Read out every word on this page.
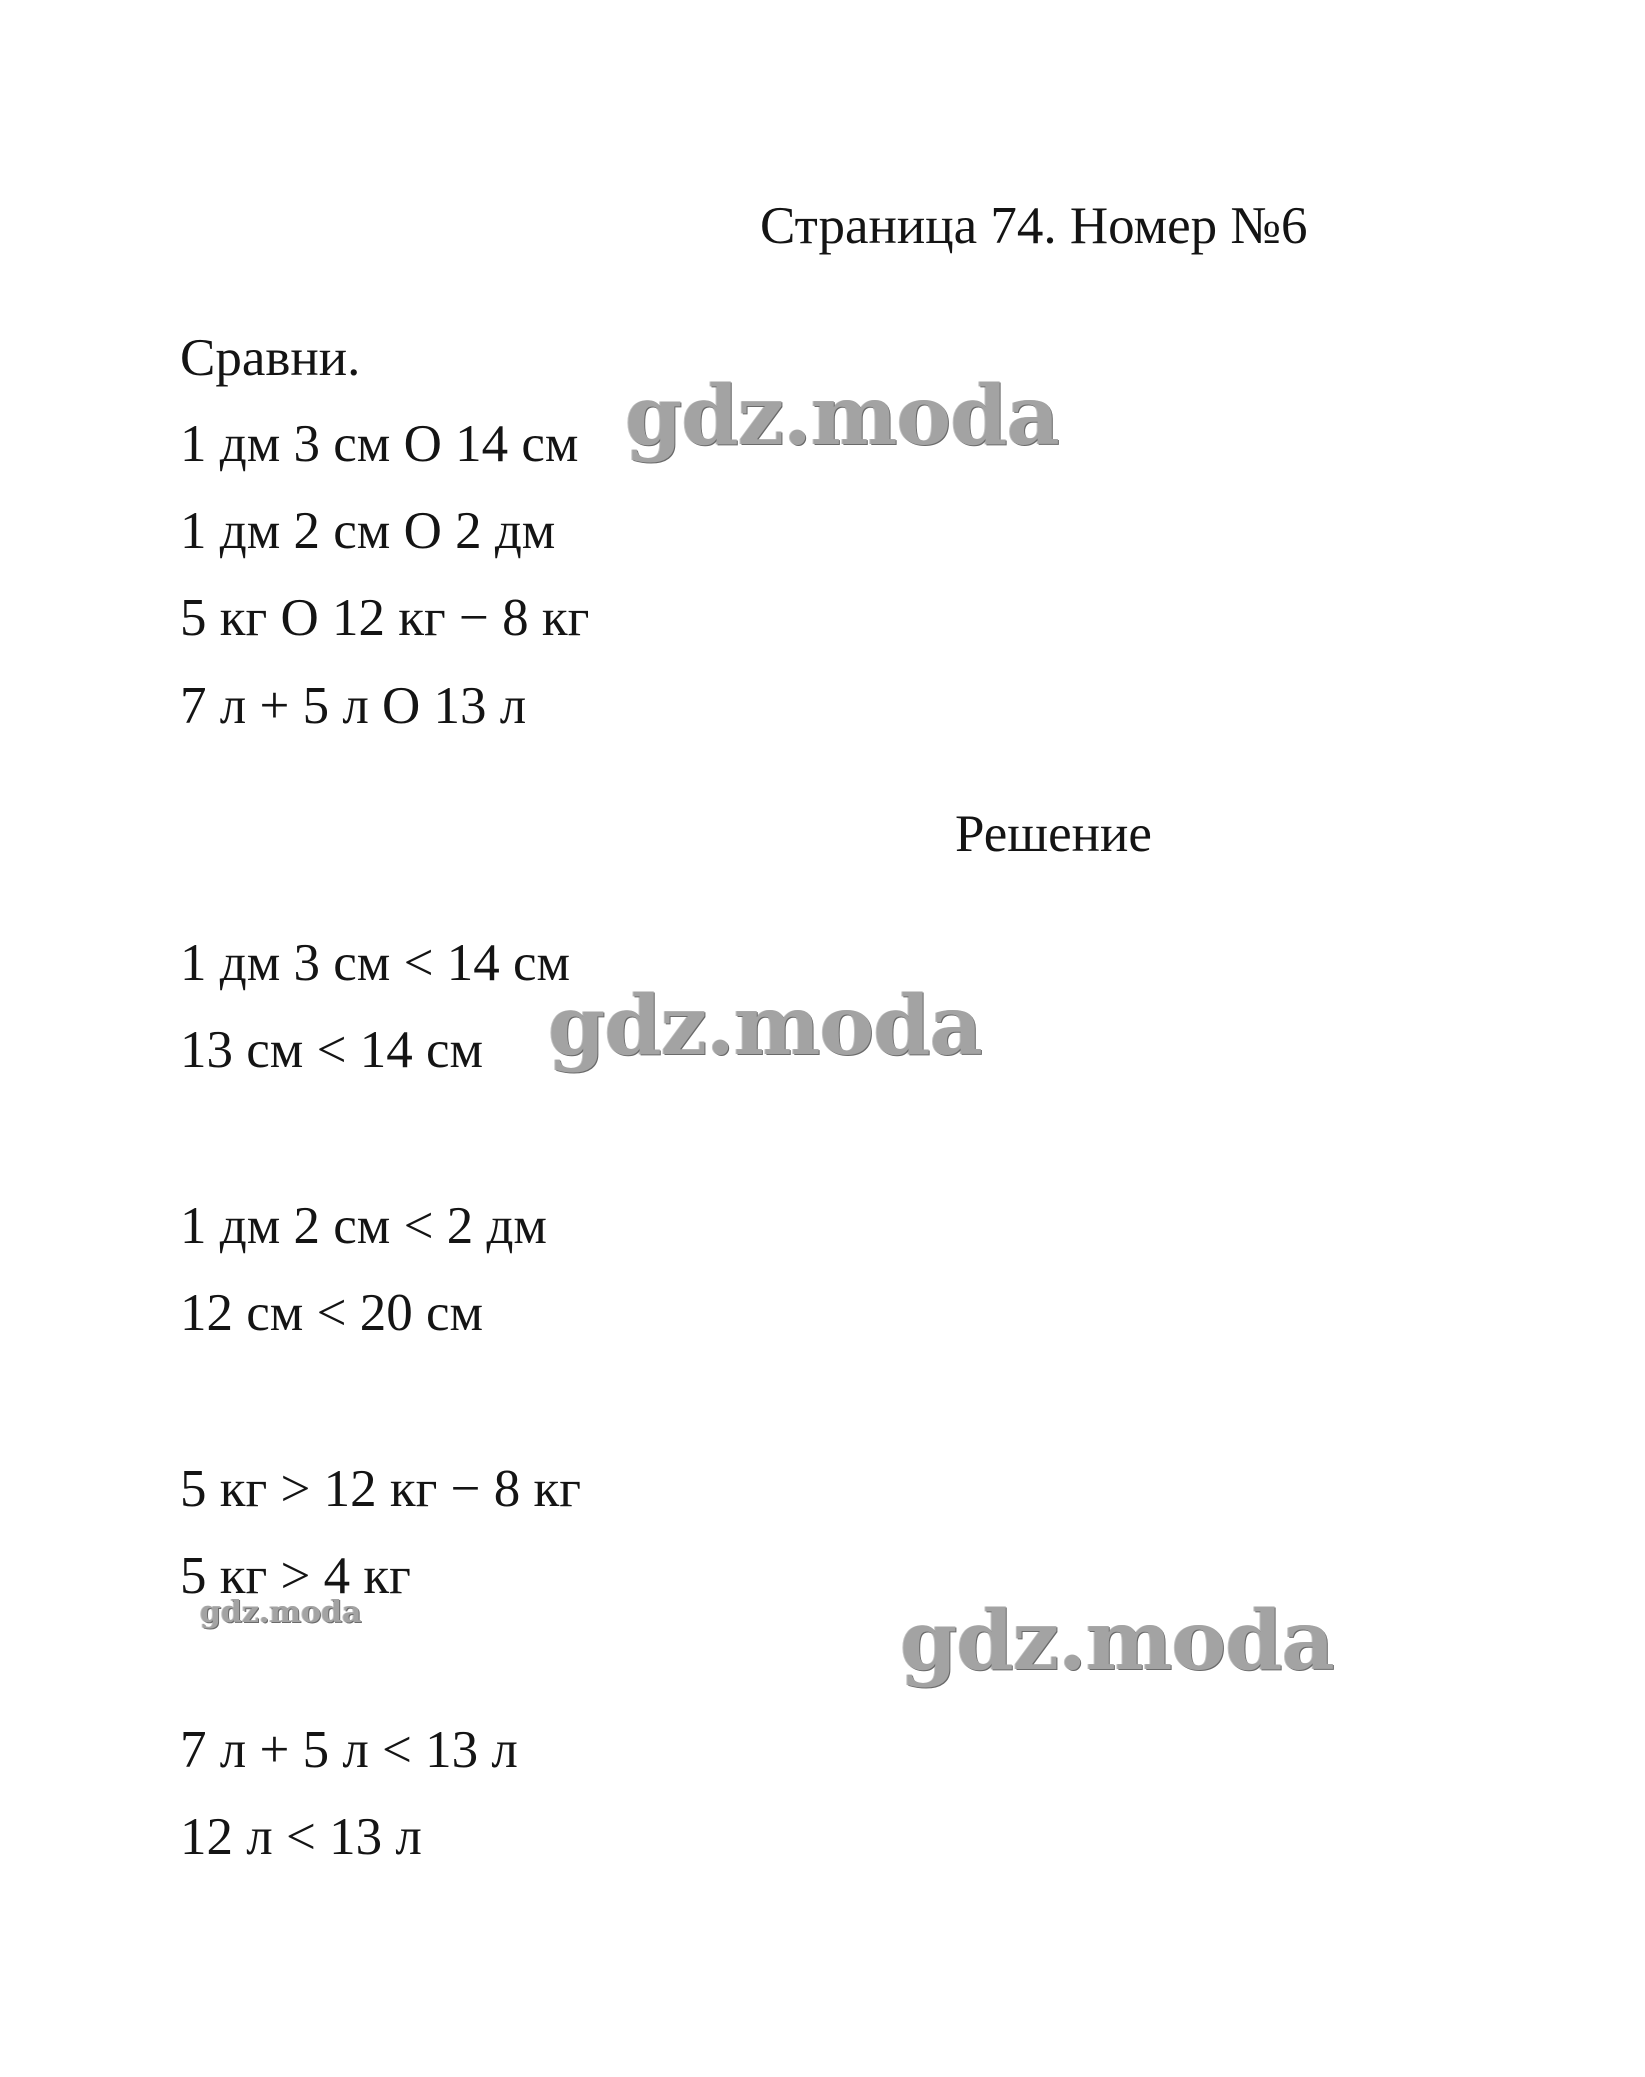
Страница 74. Номер №6
Сравни.
1 дм 3 см О 14 см
1 дм 2 см О 2 дм
5 кг О 12 кг − 8 кг
7 л + 5 л О 13 л
Решение
1 дм 3 см < 14 см
13 см < 14 см
1 дм 2 см < 2 дм
12 см < 20 см
5 кг > 12 кг − 8 кг
5 кг > 4 кг
7 л + 5 л < 13 л
12 л < 13 л
gdz.moda
gdz.moda
gdz.moda	gdz.moda
